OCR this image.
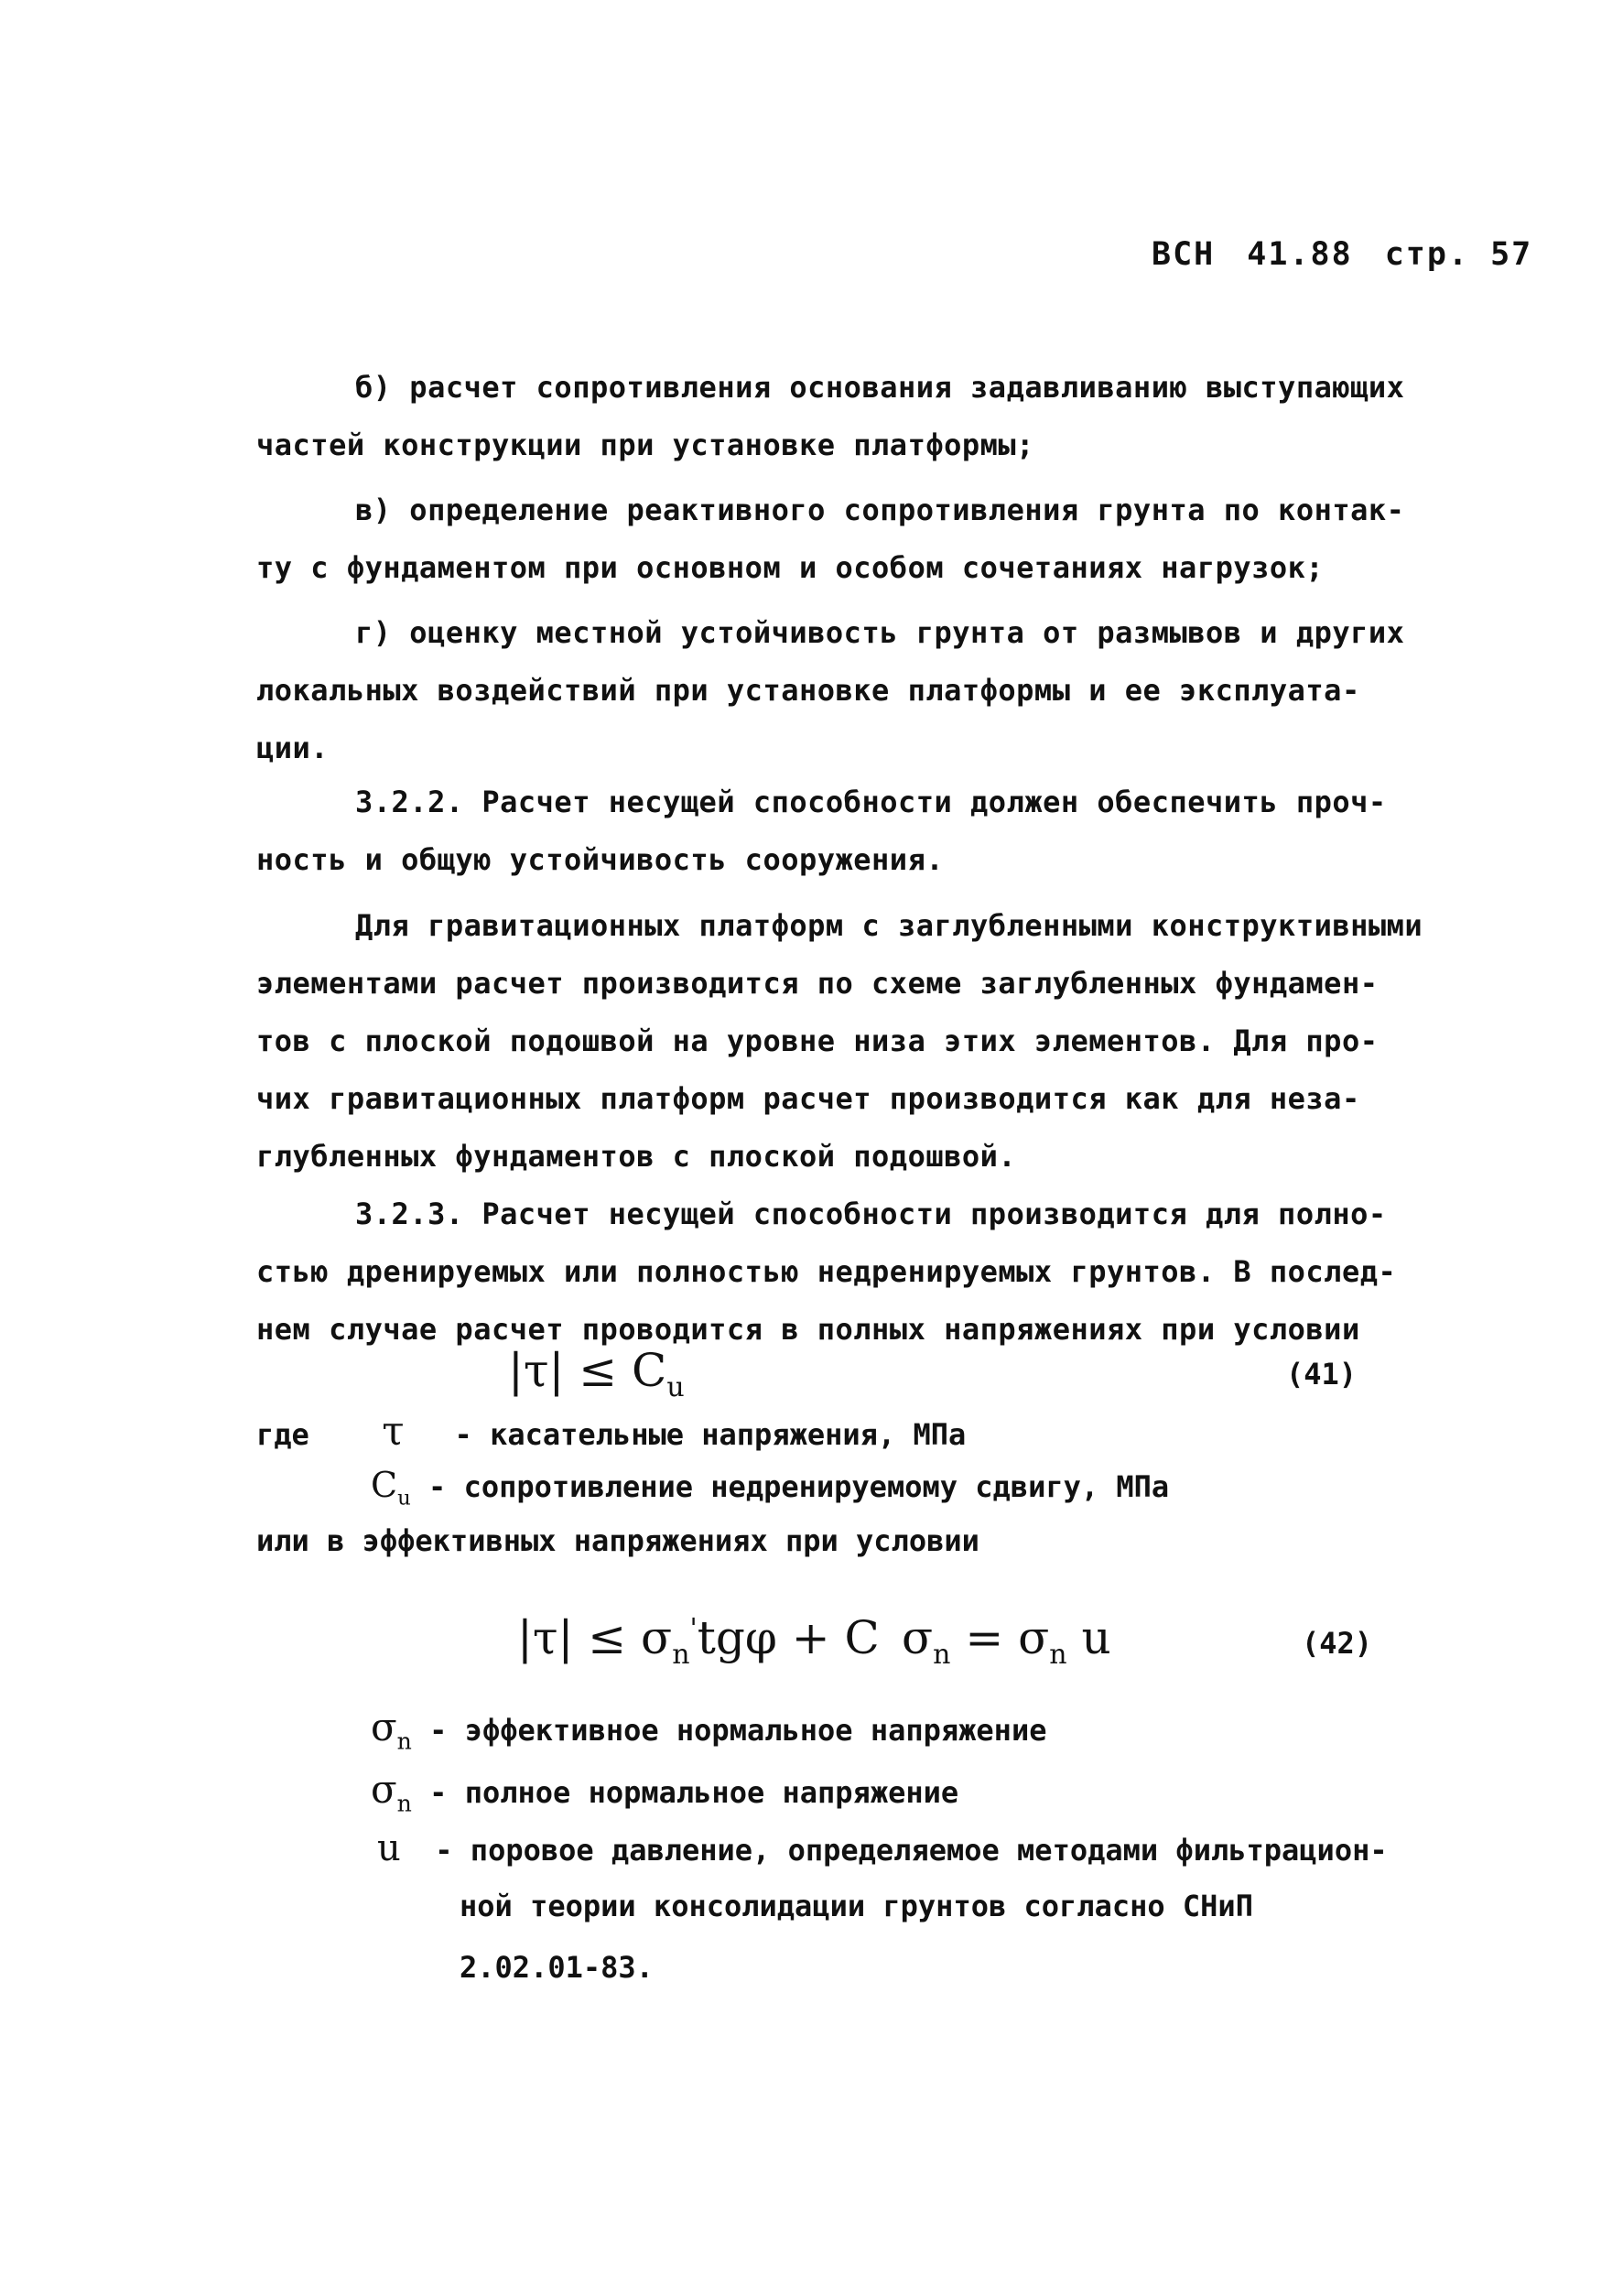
ВСН 41.88 стр. 57
б) расчет сопротивления основания задавливанию выступающих
частей конструкции при установке платформы;
в) определение реактивного сопротивления грунта по контак-
ту с фундаментом при основном и особом сочетаниях нагрузок;
г) оценку местной устойчивость грунта от размывов и других
локальных воздействий при установке платформы и ее эксплуата-
ции.
3.2.2. Расчет несущей способности должен обеспечить проч-
ность и общую устойчивость сооружения.
Для гравитационных платформ с заглубленными конструктивными
элементами расчет производится по схеме заглубленных фундамен-
тов с плоской подошвой на уровне низа этих элементов. Для про-
чих гравитационных платформ расчет производится как для неза-
глубленных фундаментов с плоской подошвой.
3.2.3. Расчет несущей способности производится для полно-
стью дренируемых или полностью недренируемых грунтов. В послед-
нем случае расчет проводится в полных напряжениях при условии
$|\tau| \le C_u$	(41)
где τ - касательные напряжения, МПа
$C_u$ - сопротивление недренируемому сдвигу, МПа
или в эффективных напряжениях при условии
$|\tau| \le \sigma_n'tg\varphi + C$ $\sigma_n = \sigma_n$ u	(42)
$\sigma_n$ - эффективное нормальное напряжение
$\sigma_n$ - полное нормальное напряжение
u - поровое давление, определяемое методами фильтрацион-
ной теории консолидации грунтов согласно СНиП
2.02.01-83.
